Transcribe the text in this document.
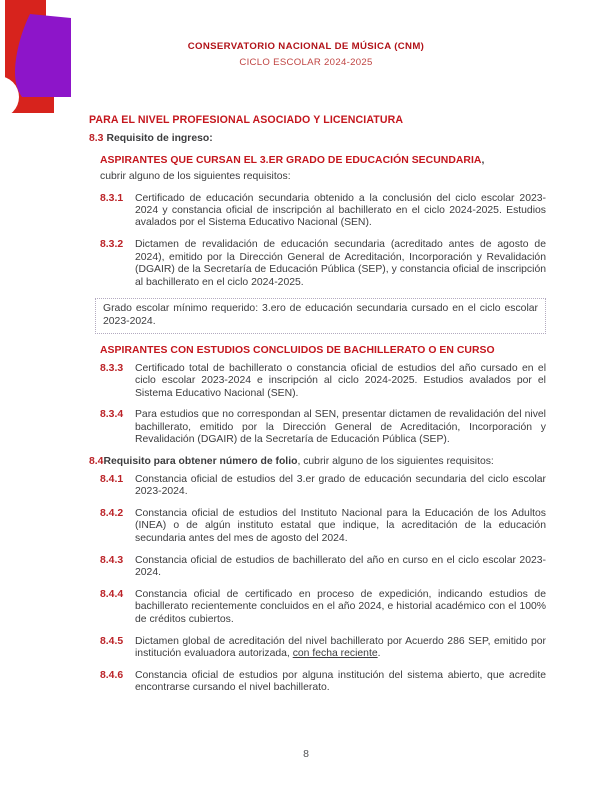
CONSERVATORIO NACIONAL DE MÚSICA (CNM)
CICLO ESCOLAR 2024-2025
PARA EL NIVEL PROFESIONAL ASOCIADO Y LICENCIATURA
8.3 Requisito de ingreso:
ASPIRANTES QUE CURSAN EL 3.ER GRADO DE EDUCACIÓN SECUNDARIA,
cubrir alguno de los siguientes requisitos:
8.3.1	Certificado de educación secundaria obtenido a la conclusión del ciclo escolar 2023-2024 y constancia oficial de inscripción al bachillerato en el ciclo 2024-2025. Estudios avalados por el Sistema Educativo Nacional (SEN).

8.3.2	Dictamen de revalidación de educación secundaria (acreditado antes de agosto de 2024), emitido por la Dirección General de Acreditación, Incorporación y Revalidación (DGAIR) de la Secretaría de Educación Pública (SEP), y constancia oficial de inscripción al bachillerato en el ciclo 2024-2025.

Grado escolar mínimo requerido: 3.ero de educación secundaria cursado en el ciclo escolar 2023-2024.
ASPIRANTES CON ESTUDIOS CONCLUIDOS DE BACHILLERATO O EN CURSO
8.3.3	Certificado total de bachillerato o constancia oficial de estudios del año cursado en el ciclo escolar 2023-2024 e inscripción al ciclo 2024-2025. Estudios avalados por el Sistema Educativo Nacional (SEN).

8.3.4	Para estudios que no correspondan al SEN, presentar dictamen de revalidación del nivel bachillerato, emitido por la Dirección General de Acreditación, Incorporación y Revalidación (DGAIR) de la Secretaría de Educación Pública (SEP).

8.4Requisito para obtener número de folio, cubrir alguno de los siguientes requisitos:
8.4.1	Constancia oficial de estudios del 3.er grado de educación secundaria del ciclo escolar 2023-2024.

8.4.2	Constancia oficial de estudios del Instituto Nacional para la Educación de los Adultos (INEA) o de algún instituto estatal que indique, la acreditación de la educación secundaria antes del mes de agosto del 2024.

8.4.3	Constancia oficial de estudios de bachillerato del año en curso en el ciclo escolar 2023-2024.

8.4.4	Constancia oficial de certificado en proceso de expedición, indicando estudios de bachillerato recientemente concluidos en el año 2024, e historial académico con el 100% de créditos cubiertos.

8.4.5	Dictamen global de acreditación del nivel bachillerato por Acuerdo 286 SEP, emitido por institución evaluadora autorizada, con fecha reciente.

8.4.6	Constancia oficial de estudios por alguna institución del sistema abierto, que acredite encontrarse cursando el nivel bachillerato.

8
